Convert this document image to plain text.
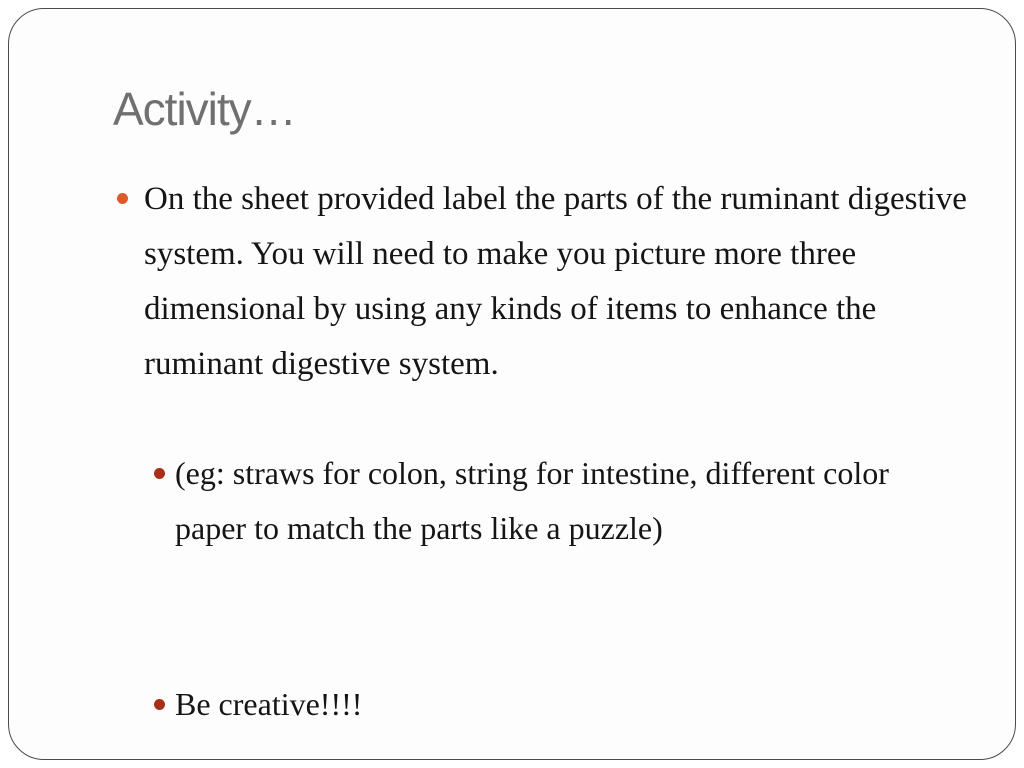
Activity…
On the sheet provided label the parts of the ruminant digestive system. You will need to make you picture more three dimensional by using any kinds of items to enhance the ruminant digestive system.
(eg: straws for colon, string for intestine, different color paper to match the parts like a puzzle)
Be creative!!!!
